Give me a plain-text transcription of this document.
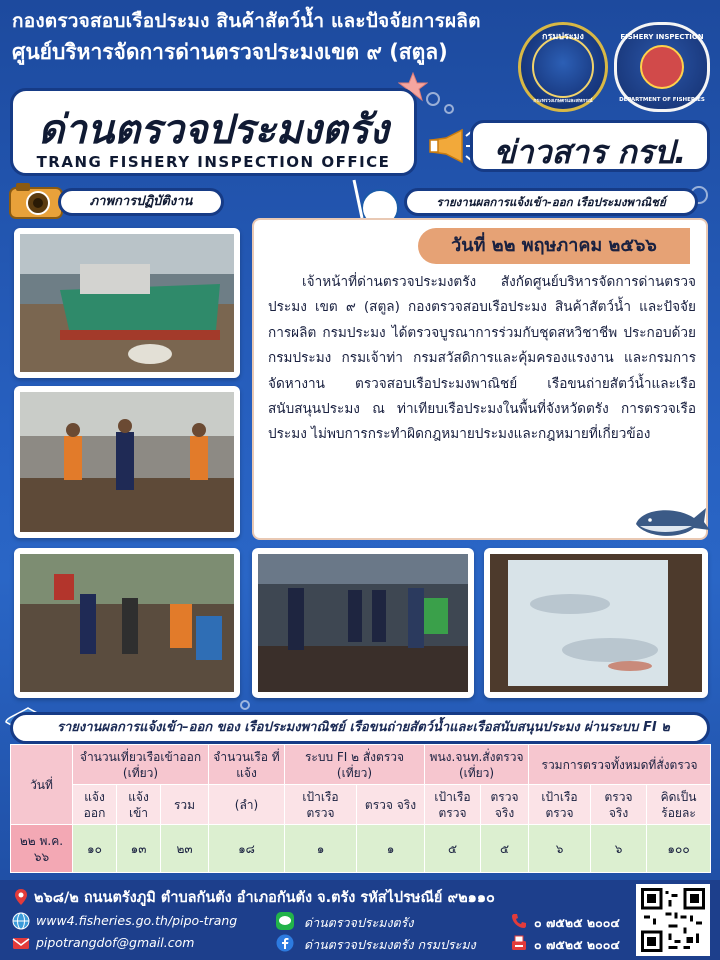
กองตรวจสอบเรือประมง สินค้าสัตว์น้ำ และปัจจัยการผลิต
ศูนย์บริหารจัดการด่านตรวจประมงเขต ๙ (สตูล)
กรมประมง
กระทรวงเกษตรและสหกรณ์
FISHERY INSPECTION
DEPARTMENT OF FISHERIES
ด่านตรวจประมงตรัง
TRANG FISHERY INSPECTION OFFICE	ข่าวสาร กรป.
ภาพการปฏิบัติงาน	รายงานผลการแจ้งเข้า-ออก เรือประมงพาณิชย์
วันที่ ๒๒ พฤษภาคม ๒๕๖๖
เจ้าหน้าที่ด่านตรวจประมงตรัง สังกัดศูนย์บริหารจัดการด่านตรวจประมง เขต ๙ (สตูล) กองตรวจสอบเรือประมง สินค้าสัตว์น้ำ และปัจจัยการผลิต กรมประมง ได้ตรวจบูรณาการร่วมกับชุดสหวิชาชีพ ประกอบด้วย กรมประมง กรมเจ้าท่า กรมสวัสดิการและคุ้มครองแรงงาน และกรมการจัดหางาน ตรวจสอบเรือประมงพาณิชย์ เรือขนถ่ายสัตว์น้ำและเรือสนับสนุนประมง ณ ท่าเทียบเรือประมงในพื้นที่จังหวัดตรัง การตรวจเรือประมง ไม่พบการกระทำผิดกฎหมายประมงและกฎหมายที่เกี่ยวข้อง
รายงานผลการแจ้งเข้า–ออก ของ เรือประมงพาณิชย์ เรือขนถ่ายสัตว์น้ำและเรือสนับสนุนประมง ผ่านระบบ FI ๒
วันที่	จำนวนเที่ยวเรือเข้าออก (เที่ยว)			จำนวนเรือ ที่แจ้ง	ระบบ FI ๒ สั่งตรวจ (เที่ยว)		พนง.จนท.สั่งตรวจ (เที่ยว)		รวมการตรวจทั้งหมดที่สั่งตรวจ		
	แจ้ง ออก	แจ้ง เข้า	รวม	(ลำ)	เป้าเรือ ตรวจ	ตรวจ จริง	เป้าเรือ ตรวจ	ตรวจ จริง	เป้าเรือ ตรวจ	ตรวจ จริง	คิดเป็น ร้อยละ
๒๒ พ.ค. ๖๖	๑๐	๑๓	๒๓	๑๘	๑	๑	๕	๕	๖	๖	๑๐๐
๒๖๘/๒ ถนนตรังภูมิ ตำบลกันตัง อำเภอกันตัง จ.ตรัง รหัสไปรษณีย์ ๙๒๑๑๐
www4.fisheries.go.th/pipo-trang	ด่านตรวจประมงตรัง	๐ ๗๕๒๕ ๒๐๐๔
pipotrangdof@gmail.com	ด่านตรวจประมงตรัง กรมประมง	๐ ๗๕๒๕ ๒๐๐๔
